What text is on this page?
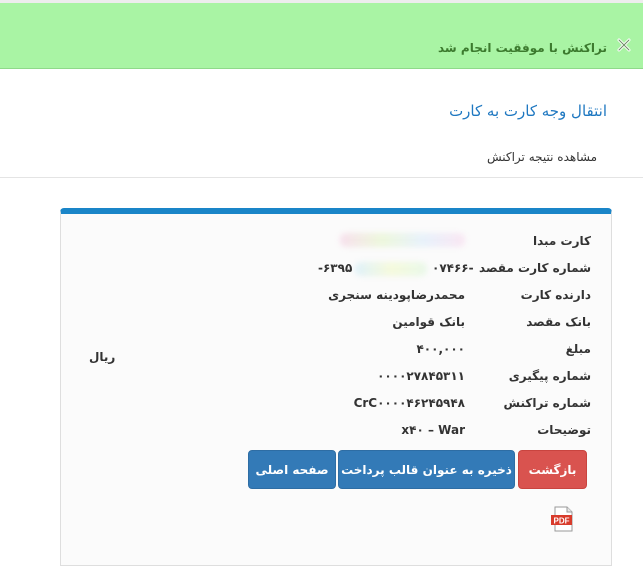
تراکنش با موفقیت انجام شد
انتقال وجه کارت به کارت
مشاهده نتیجه تراکنش
کارت مبدا
شماره کارت مقصد
-۰۷۴۶۶
۶۳۹۵-
دارنده کارت
محمدرضاپودینه سنجری
بانک مقصد
بانک قوامین
مبلغ
۴۰۰,۰۰۰
ریال
شماره پیگیری
۰۰۰۰۲۷۸۴۵۳۱۱
شماره تراکنش
CrC۰۰۰۰۴۶۲۴۵۹۴۸
توضیحات
x۴۰ – War
بازگشت
ذخیره به عنوان قالب پرداخت
صفحه اصلی
PDF
